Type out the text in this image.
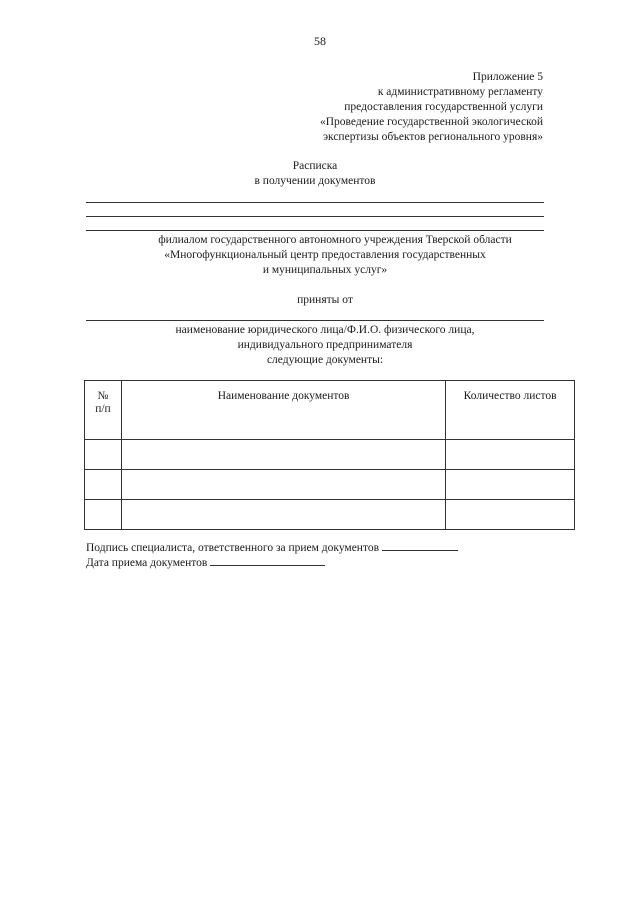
58
Приложение 5
к административному регламенту
предоставления государственной услуги
«Проведение государственной экологической
экспертизы объектов регионального уровня»
Расписка
в получении документов
филиалом государственного автономного учреждения Тверской области
«Многофункциональный центр предоставления государственных
и муниципальных услуг»
приняты от
наименование юридического лица/Ф.И.О. физического лица,
индивидуального предпринимателя
следующие документы:
№ п/п	Наименование документов	Количество листов

Подпись специалиста, ответственного за прием документов
Дата приема документов
